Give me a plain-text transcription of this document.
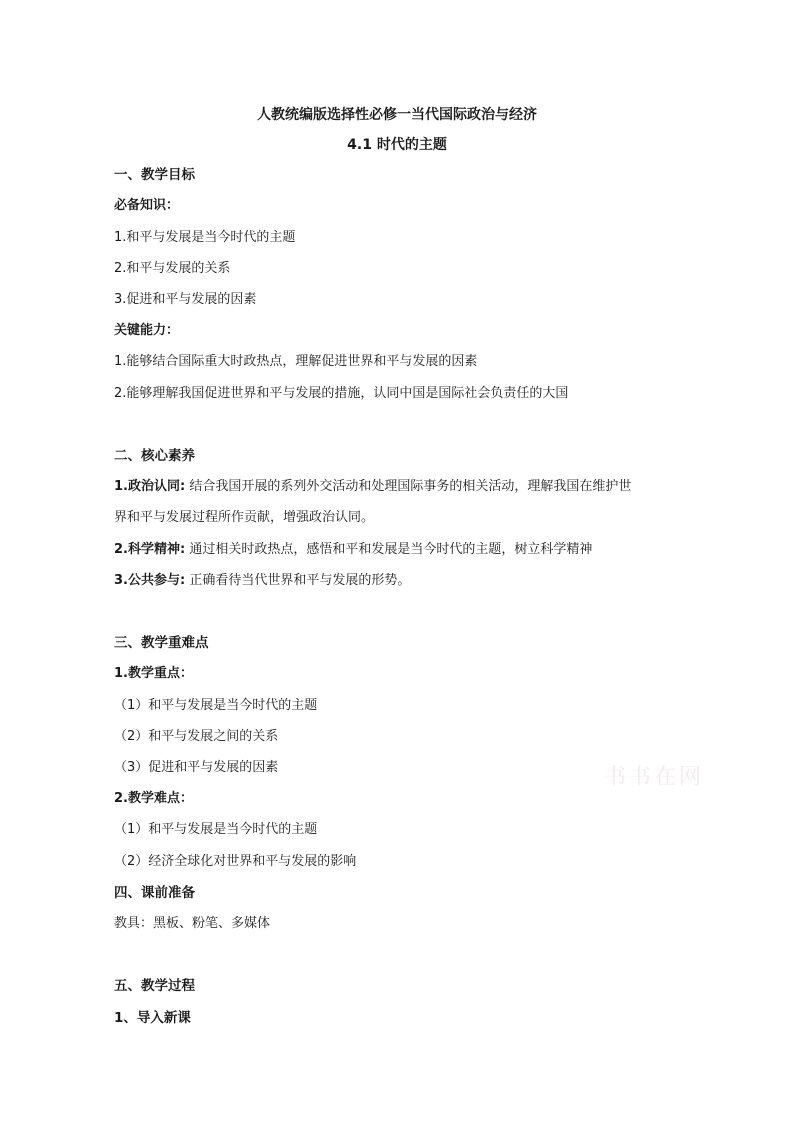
人教统编版选择性必修一当代国际政治与经济
4.1 时代的主题
一、教学目标
必备知识：
1.和平与发展是当今时代的主题
2.和平与发展的关系
3.促进和平与发展的因素
关键能力：
1.能够结合国际重大时政热点，理解促进世界和平与发展的因素
2.能够理解我国促进世界和平与发展的措施，认同中国是国际社会负责任的大国
二、核心素养
1.政治认同: 结合我国开展的系列外交活动和处理国际事务的相关活动，理解我国在维护世
界和平与发展过程所作贡献，增强政治认同。
2.科学精神: 通过相关时政热点，感悟和平和发展是当今时代的主题，树立科学精神
3.公共参与: 正确看待当代世界和平与发展的形势。
三、教学重难点
1.教学重点：
（1）和平与发展是当今时代的主题
（2）和平与发展之间的关系
（3）促进和平与发展的因素
2.教学难点：
（1）和平与发展是当今时代的主题
（2）经济全球化对世界和平与发展的影响
四、课前准备
教具：黑板、粉笔、多媒体
五、教学过程
1、导入新课
书书在网
